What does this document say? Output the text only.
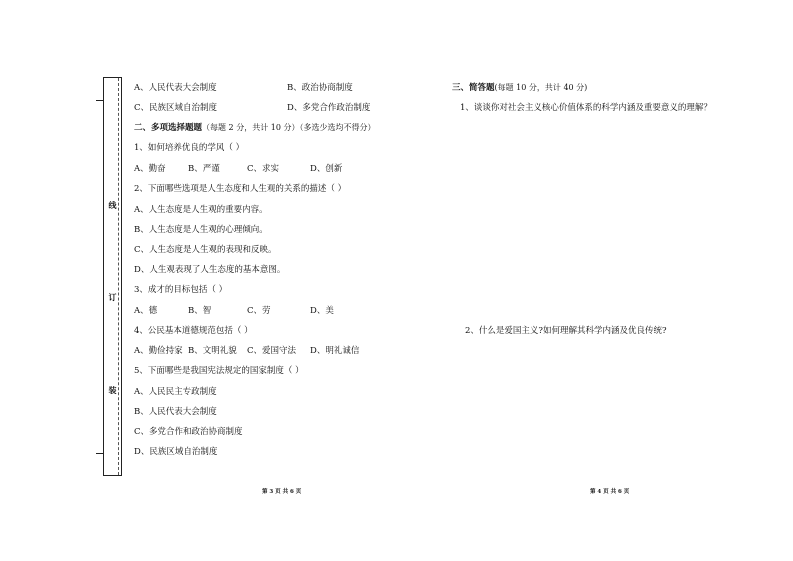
线
订
装
A、人民代表大会制度	B、政治协商制度
C、民族区域自治制度	D、多党合作政治制度
二、多项选择题题（每题 2 分，共计 10 分）（多选少选均不得分）
1、如何培养优良的学风（ ）
A、勤奋	B、严谨	C、求实	D、创新
2、下面哪些选项是人生态度和人生观的关系的描述（ ）
A、人生态度是人生观的重要内容。
B、人生态度是人生观的心理倾向。
C、人生态度是人生观的表现和反映。
D、人生观表现了人生态度的基本意图。
3、成才的目标包括（ ）
A、德	B、智	C、劳	D、美
4、公民基本道德规范包括（ ）
A、勤俭持家 B、文明礼貌 C、爱国守法 D、明礼诚信
5、下面哪些是我国宪法规定的国家制度（ ）
A、人民民主专政制度
B、人民代表大会制度
C、多党合作和政治协商制度
D、民族区域自治制度
第 3 页 共 6 页
三、简答题(每题 10 分，共计 40 分)
1、谈谈你对社会主义核心价值体系的科学内涵及重要意义的理解？
2、什么是爱国主义?如何理解其科学内涵及优良传统?
第 4 页 共 6 页
